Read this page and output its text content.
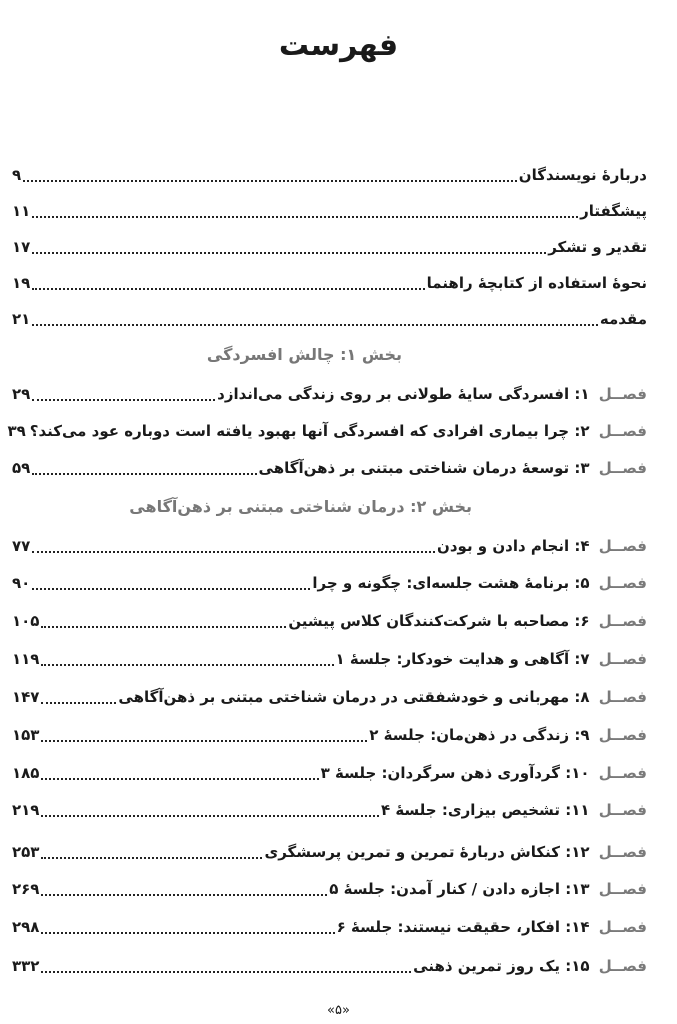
فهرست
دربارۀ نویسندگان
۹
پیشگفتار
۱۱
تقدیر و تشکر
۱۷
نحوۀ استفاده از کتابچۀ راهنما
۱۹
مقدمه
۲۱
بخش ۱: چالش افسردگی
فصــل ۱: افسردگی سایۀ طولانی بر روی زندگی می‌اندازد
۲۹
فصــل ۲: چرا بیماری افرادی که افسردگی آنها بهبود یافته است دوباره عود می‌کند؟
۳۹
فصــل ۳: توسعۀ درمان شناختی مبتنی بر ذهن‌آگاهی
۵۹
بخش ۲: درمان شناختی مبتنی بر ذهن‌آگاهی
فصــل ۴: انجام دادن و بودن
۷۷
فصــل ۵: برنامۀ هشت جلسه‌ای: چگونه و چرا
۹۰
فصــل ۶: مصاحبه با شرکت‌کنندگان کلاس پیشین
۱۰۵
فصــل ۷: آگاهی و هدایت خودکار: جلسۀ ۱
۱۱۹
فصــل ۸: مهربانی و خودشفقتی در درمان شناختی مبتنی بر ذهن‌آگاهی
۱۴۷
فصــل ۹: زندگی در ذهن‌مان: جلسۀ ۲
۱۵۳
فصــل ۱۰: گردآوری ذهن سرگردان: جلسۀ ۳
۱۸۵
فصــل ۱۱: تشخیص بیزاری: جلسۀ ۴
۲۱۹
فصــل ۱۲: کنکاش دربارۀ تمرین و تمرین پرسشگری
۲۵۳
فصــل ۱۳: اجازه دادن / کنار آمدن: جلسۀ ۵
۲۶۹
فصــل ۱۴: افکار، حقیقت نیستند: جلسۀ ۶
۲۹۸
فصــل ۱۵: یک روز تمرین ذهنی
۳۳۲
«۵»
